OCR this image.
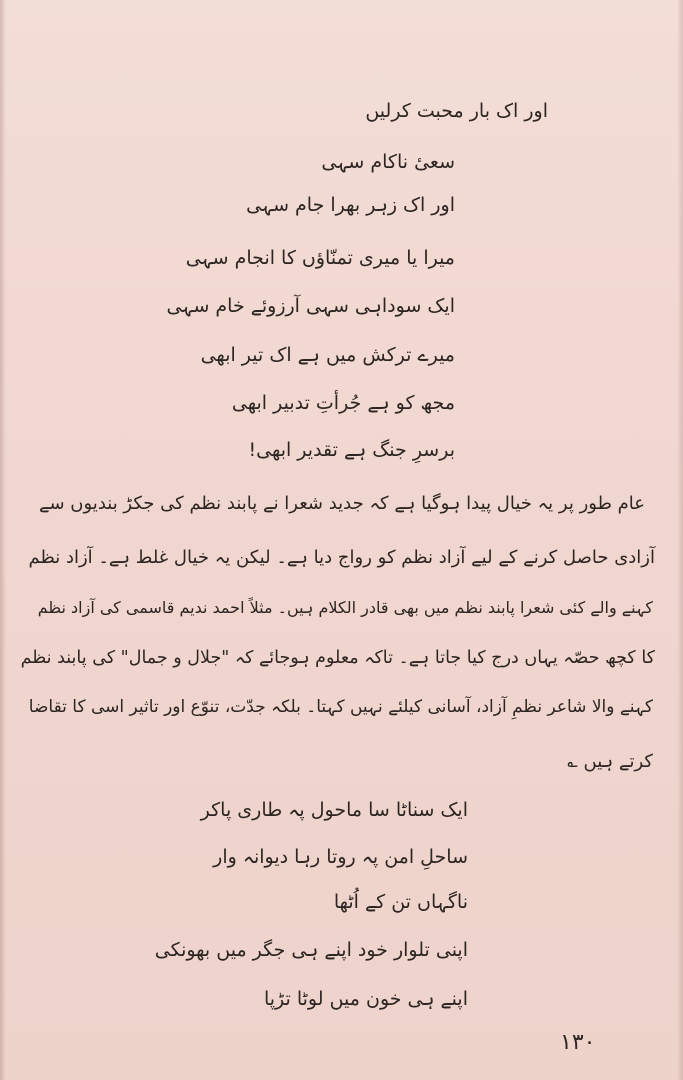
اور اک بار محبت کرلیں
سعیٔ ناکام سہی
اور اک زہر بھرا جام سہی
میرا یا میری تمنّاؤں کا انجام سہی
ایک سوداہی سہی آرزوئے خام سہی
میرے ترکش میں ہے اک تیر ابھی
مجھ کو ہے جُرأتِ تدبیر ابھی
برسرِ جنگ ہے تقدیر ابھی!
عام طور پر یہ خیال پیدا ہوگیا ہے کہ جدید شعرا نے پابند نظم کی جکڑ بندیوں سے
آزادی حاصل کرنے کے لیے آزاد نظم کو رواج دیا ہے۔ لیکن یہ خیال غلط ہے۔ آزاد نظم
کہنے والے کئی شعرا پابند نظم میں بھی قادر الکلام ہیں۔ مثلاً احمد ندیم قاسمی کی آزاد نظم
کا کچھ حصّہ یہاں درج کیا جاتا ہے۔ تاکہ معلوم ہوجائے کہ "جلال و جمال" کی پابند نظم
کہنے والا شاعر نظمِ آزاد، آسانی کیلئے نہیں کہتا۔ بلکہ جدّت، تنوّع اور تاثیر اسی کا تقاضا
کرتے ہیں ؎
ایک سناٹا سا ماحول پہ طاری پاکر
ساحلِ امن پہ روتا رہا دیوانہ وار
ناگہاں تن کے اُٹھا
اپنی تلوار خود اپنے ہی جگر میں بھونکی
اپنے ہی خون میں لوٹا تڑپا
۱۳۰
